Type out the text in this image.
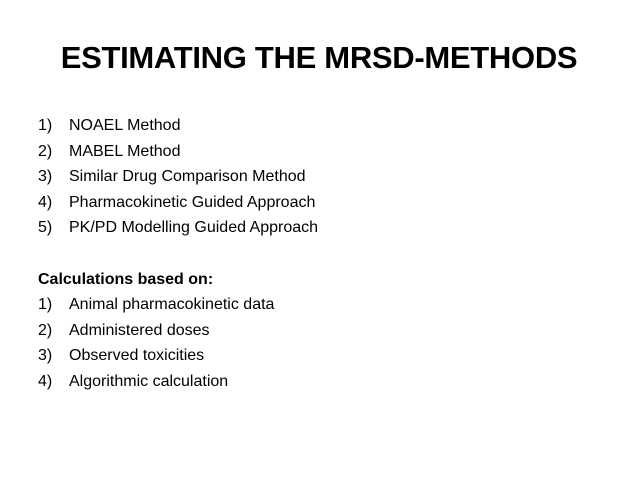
ESTIMATING THE MRSD-METHODS
1) NOAEL Method
2) MABEL Method
3) Similar Drug Comparison Method
4) Pharmacokinetic Guided Approach
5) PK/PD Modelling Guided Approach
Calculations based on:
1) Animal pharmacokinetic data
2) Administered doses
3) Observed toxicities
4) Algorithmic calculation
